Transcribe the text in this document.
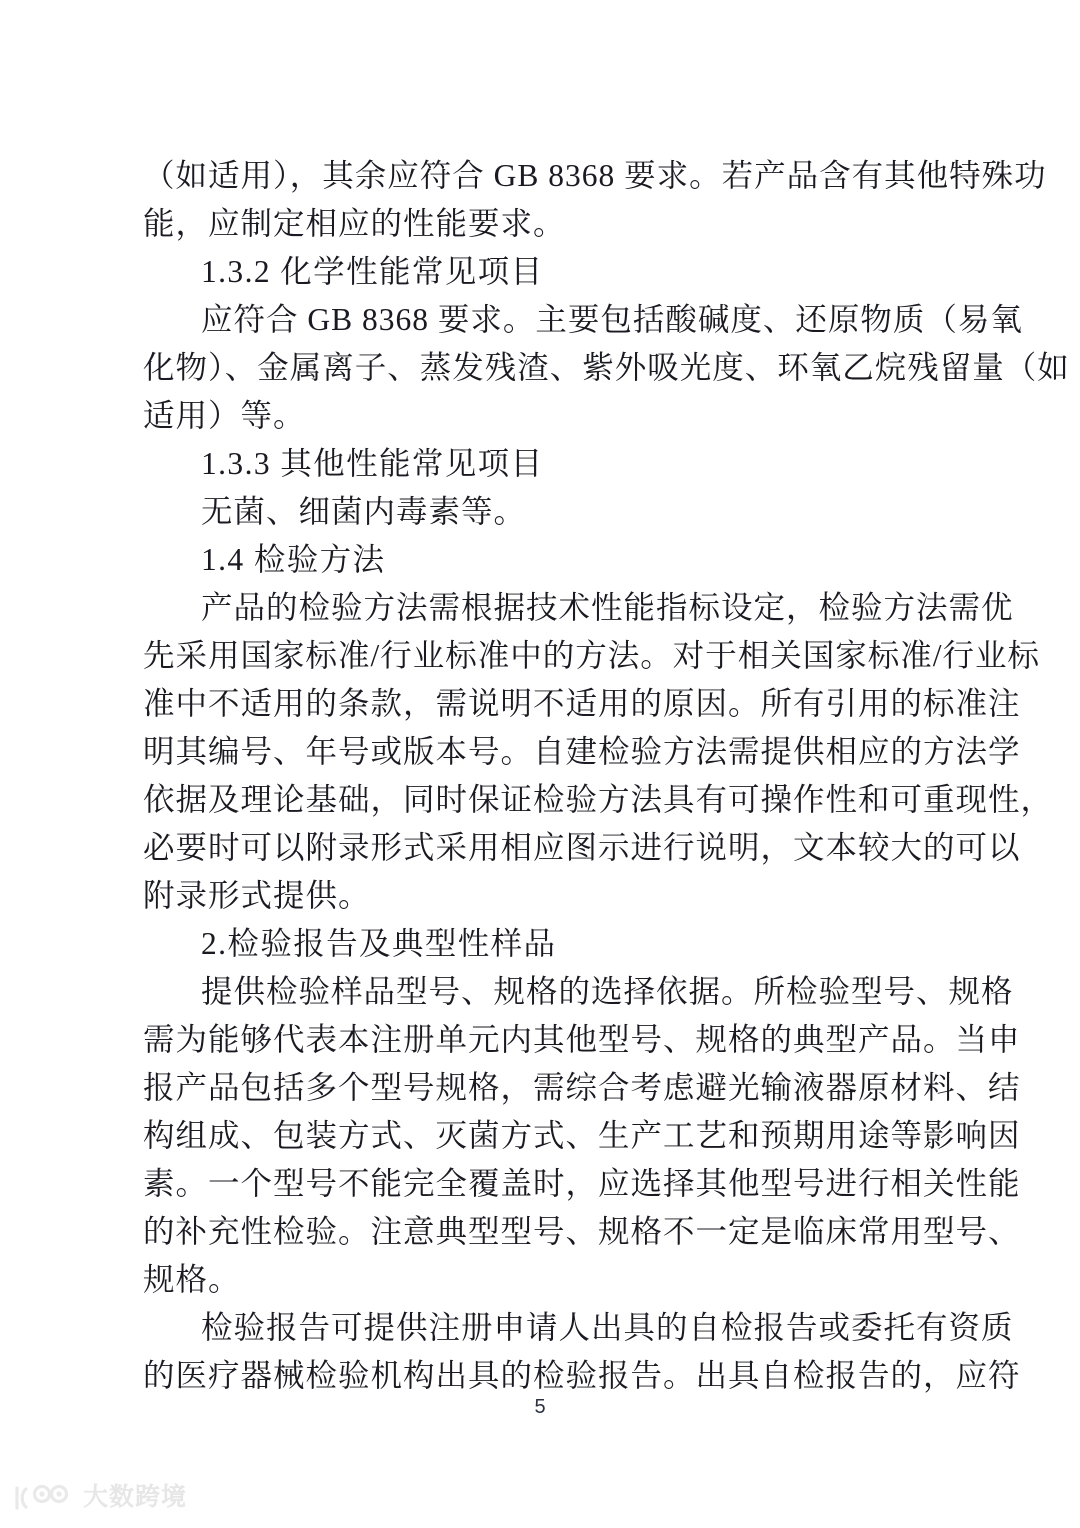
（如适用），其余应符合 GB 8368 要求。若产品含有其他特殊功

能，应制定相应的性能要求。

1.3.2 化学性能常见项目

应符合 GB 8368 要求。主要包括酸碱度、还原物质（易氧

化物）、金属离子、蒸发残渣、紫外吸光度、环氧乙烷残留量（如

适用）等。

1.3.3 其他性能常见项目

无菌、细菌内毒素等。

1.4 检验方法

产品的检验方法需根据技术性能指标设定，检验方法需优

先采用国家标准/行业标准中的方法。对于相关国家标准/行业标

准中不适用的条款，需说明不适用的原因。所有引用的标准注

明其编号、年号或版本号。自建检验方法需提供相应的方法学

依据及理论基础，同时保证检验方法具有可操作性和可重现性，

必要时可以附录形式采用相应图示进行说明，文本较大的可以

附录形式提供。

2.检验报告及典型性样品

提供检验样品型号、规格的选择依据。所检验型号、规格

需为能够代表本注册单元内其他型号、规格的典型产品。当申

报产品包括多个型号规格，需综合考虑避光输液器原材料、结

构组成、包装方式、灭菌方式、生产工艺和预期用途等影响因

素。一个型号不能完全覆盖时，应选择其他型号进行相关性能

的补充性检验。注意典型型号、规格不一定是临床常用型号、

规格。

检验报告可提供注册申请人出具的自检报告或委托有资质

的医疗器械检验机构出具的检验报告。出具自检报告的，应符

5
大数跨境
